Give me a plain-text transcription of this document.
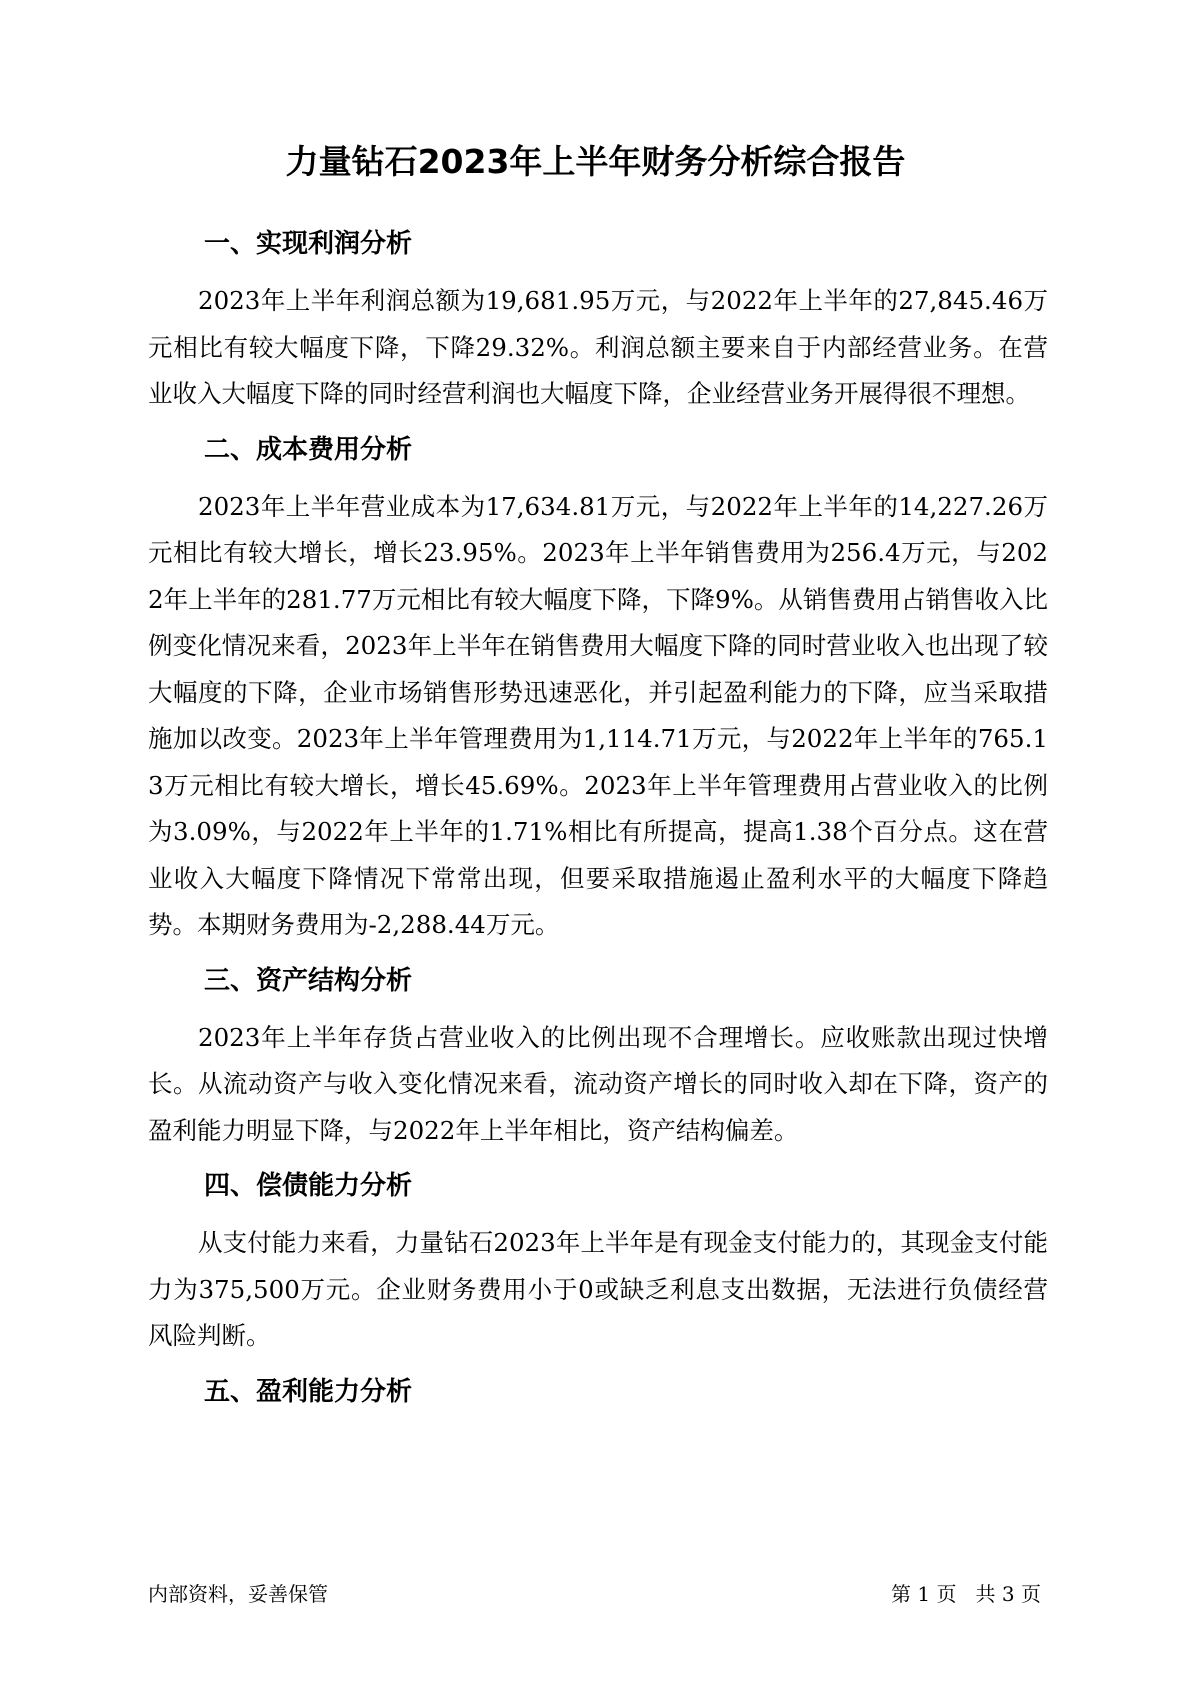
力量钻石2023年上半年财务分析综合报告
一、实现利润分析

2023年上半年利润总额为19,681.95万元，与2022年上半年的27,845.46万元相比有较大幅度下降，下降29.32%。利润总额主要来自于内部经营业务。在营业收入大幅度下降的同时经营利润也大幅度下降，企业经营业务开展得很不理想。

二、成本费用分析

2023年上半年营业成本为17,634.81万元，与2022年上半年的14,227.26万元相比有较大增长，增长23.95%。2023年上半年销售费用为256.4万元，与2022年上半年的281.77万元相比有较大幅度下降，下降9%。从销售费用占销售收入比例变化情况来看，2023年上半年在销售费用大幅度下降的同时营业收入也出现了较大幅度的下降，企业市场销售形势迅速恶化，并引起盈利能力的下降，应当采取措施加以改变。2023年上半年管理费用为1,114.71万元，与2022年上半年的765.13万元相比有较大增长，增长45.69%。2023年上半年管理费用占营业收入的比例为3.09%，与2022年上半年的1.71%相比有所提高，提高1.38个百分点。这在营业收入大幅度下降情况下常常出现，但要采取措施遏止盈利水平的大幅度下降趋势。本期财务费用为-2,288.44万元。

三、资产结构分析

2023年上半年存货占营业收入的比例出现不合理增长。应收账款出现过快增长。从流动资产与收入变化情况来看，流动资产增长的同时收入却在下降，资产的盈利能力明显下降，与2022年上半年相比，资产结构偏差。

四、偿债能力分析

从支付能力来看，力量钻石2023年上半年是有现金支付能力的，其现金支付能力为375,500万元。企业财务费用小于0或缺乏利息支出数据，无法进行负债经营风险判断。

五、盈利能力分析
内部资料，妥善保管	第 1 页   共 3 页
